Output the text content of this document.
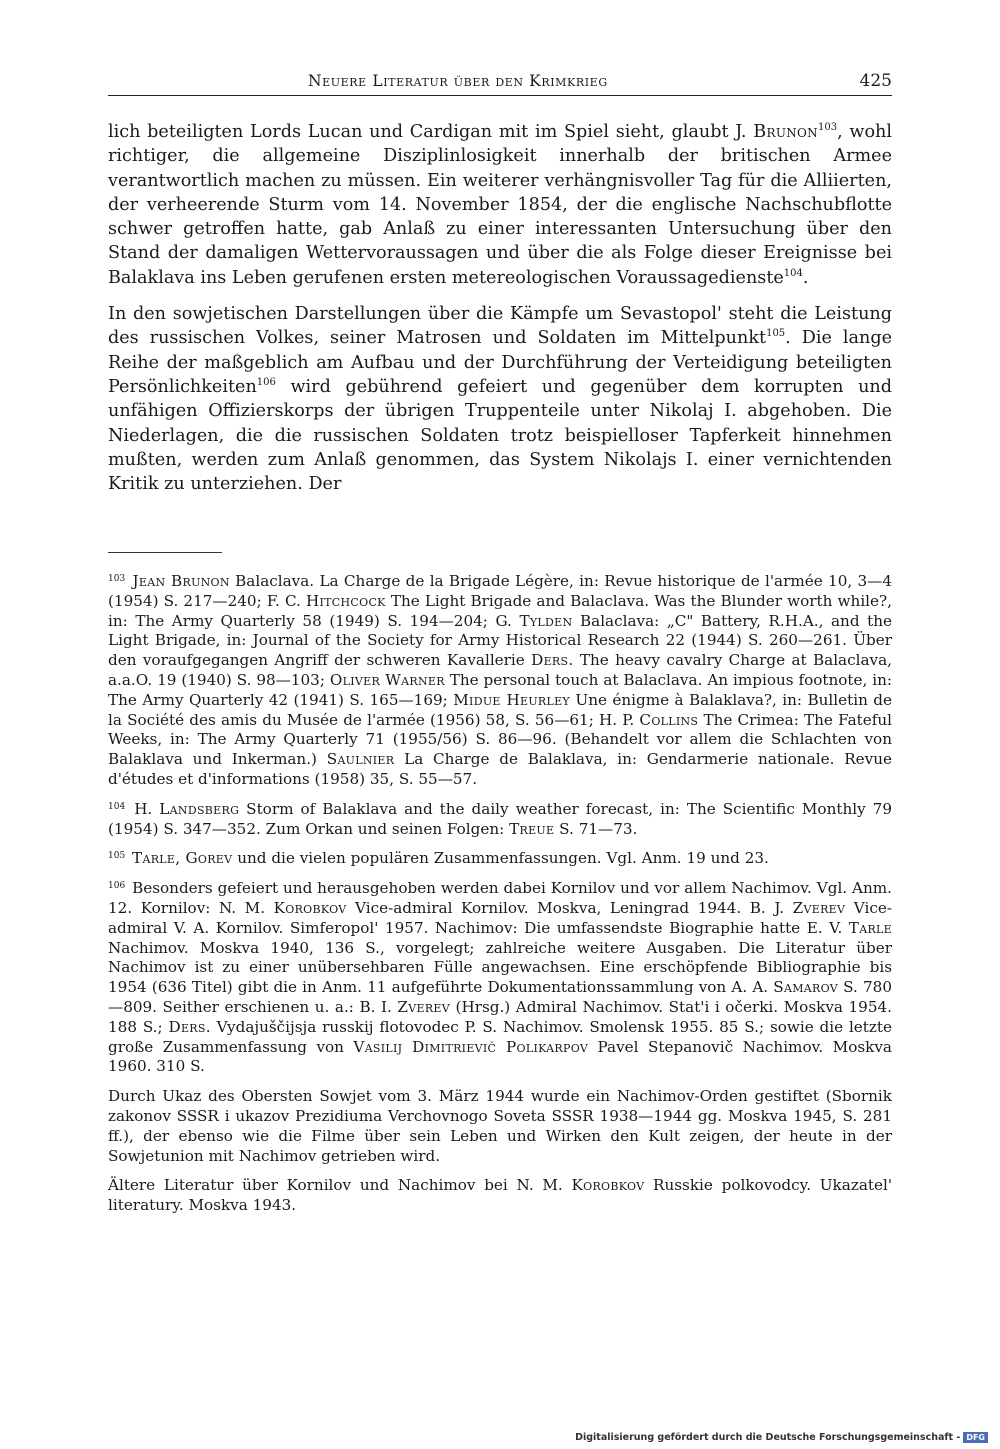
Neuere Literatur über den Krimkrieg	425

lich beteiligten Lords Lucan und Cardigan mit im Spiel sieht, glaubt J. Brunon$^{103}$, wohl richtiger, die allgemeine Disziplinlosigkeit innerhalb der britischen Armee verantwortlich machen zu müssen. Ein weiterer verhängnisvoller Tag für die Alliierten, der verheerende Sturm vom 14. November 1854, der die englische Nachschubflotte schwer getroffen hatte, gab Anlaß zu einer interessanten Untersuchung über den Stand der damaligen Wettervoraussagen und über die als Folge dieser Ereignisse bei Balaklava ins Leben gerufenen ersten metereologischen Voraussagedienste$^{104}$.

In den sowjetischen Darstellungen über die Kämpfe um Sevastopol' steht die Leistung des russischen Volkes, seiner Matrosen und Soldaten im Mittelpunkt$^{105}$. Die lange Reihe der maßgeblich am Aufbau und der Durchführung der Verteidigung beteiligten Persönlichkeiten$^{106}$ wird gebührend gefeiert und gegenüber dem korrupten und unfähigen Offizierskorps der übrigen Truppenteile unter Nikolaj I. abgehoben. Die Niederlagen, die die russischen Soldaten trotz beispielloser Tapferkeit hinnehmen mußten, werden zum Anlaß genommen, das System Nikolajs I. einer vernichtenden Kritik zu unterziehen. Der

$^{103}$ Jean Brunon Balaclava. La Charge de la Brigade Légère, in: Revue historique de l'armée 10, 3—4 (1954) S. 217—240; F. C. Hitchcock The Light Brigade and Balaclava. Was the Blunder worth while?, in: The Army Quarterly 58 (1949) S. 194—204; G. Tylden Balaclava: „C" Battery, R.H.A., and the Light Brigade, in: Journal of the Society for Army Historical Research 22 (1944) S. 260—261. Über den voraufgegangen Angriff der schweren Kavallerie Ders. The heavy cavalry Charge at Balaclava, a.a.O. 19 (1940) S. 98—103; Oliver Warner The personal touch at Balaclava. An impious footnote, in: The Army Quarterly 42 (1941) S. 165—169; Midue Heurley Une énigme à Balaklava?, in: Bulletin de la Société des amis du Musée de l'armée (1956) 58, S. 56—61; H. P. Collins The Crimea: The Fateful Weeks, in: The Army Quarterly 71 (1955/56) S. 86—96. (Behandelt vor allem die Schlachten von Balaklava und Inkerman.) Saulnier La Charge de Balaklava, in: Gendarmerie nationale. Revue d'études et d'informations (1958) 35, S. 55—57.

$^{104}$ H. Landsberg Storm of Balaklava and the daily weather forecast, in: The Scientific Monthly 79 (1954) S. 347—352. Zum Orkan und seinen Folgen: Treue S. 71—73.

$^{105}$ Tarle, Gorev und die vielen populären Zusammenfassungen. Vgl. Anm. 19 und 23.

$^{106}$ Besonders gefeiert und herausgehoben werden dabei Kornilov und vor allem Nachimov. Vgl. Anm. 12. Kornilov: N. M. Korobkov Vice-admiral Kornilov. Moskva, Leningrad 1944. B. J. Zverev Vice-admiral V. A. Kornilov. Simferopol' 1957. Nachimov: Die umfassendste Biographie hatte E. V. Tarle Nachimov. Moskva 1940, 136 S., vorgelegt; zahlreiche weitere Ausgaben. Die Literatur über Nachimov ist zu einer unübersehbaren Fülle angewachsen. Eine erschöpfende Bibliographie bis 1954 (636 Titel) gibt die in Anm. 11 aufgeführte Dokumentationssammlung von A. A. Samarov S. 780—809. Seither erschienen u. a.: B. I. Zverev (Hrsg.) Admiral Nachimov. Stat'i i očerki. Moskva 1954. 188 S.; Ders. Vydajuščijsja russkij flotovodec P. S. Nachimov. Smolensk 1955. 85 S.; sowie die letzte große Zusammenfassung von Vasilij Dimitrievič Polikarpov Pavel Stepanovič Nachimov. Moskva 1960. 310 S.

Durch Ukaz des Obersten Sowjet vom 3. März 1944 wurde ein Nachimov-Orden gestiftet (Sbornik zakonov SSSR i ukazov Prezidiuma Verchovnogo Soveta SSSR 1938—1944 gg. Moskva 1945, S. 281 ff.), der ebenso wie die Filme über sein Leben und Wirken den Kult zeigen, der heute in der Sowjetunion mit Nachimov getrieben wird.

Ältere Literatur über Kornilov und Nachimov bei N. M. Korobkov Russkie polkovodcy. Ukazatel' literatury. Moskva 1943.

Digitalisierung gefördert durch die Deutsche Forschungsgemeinschaft - DFG
